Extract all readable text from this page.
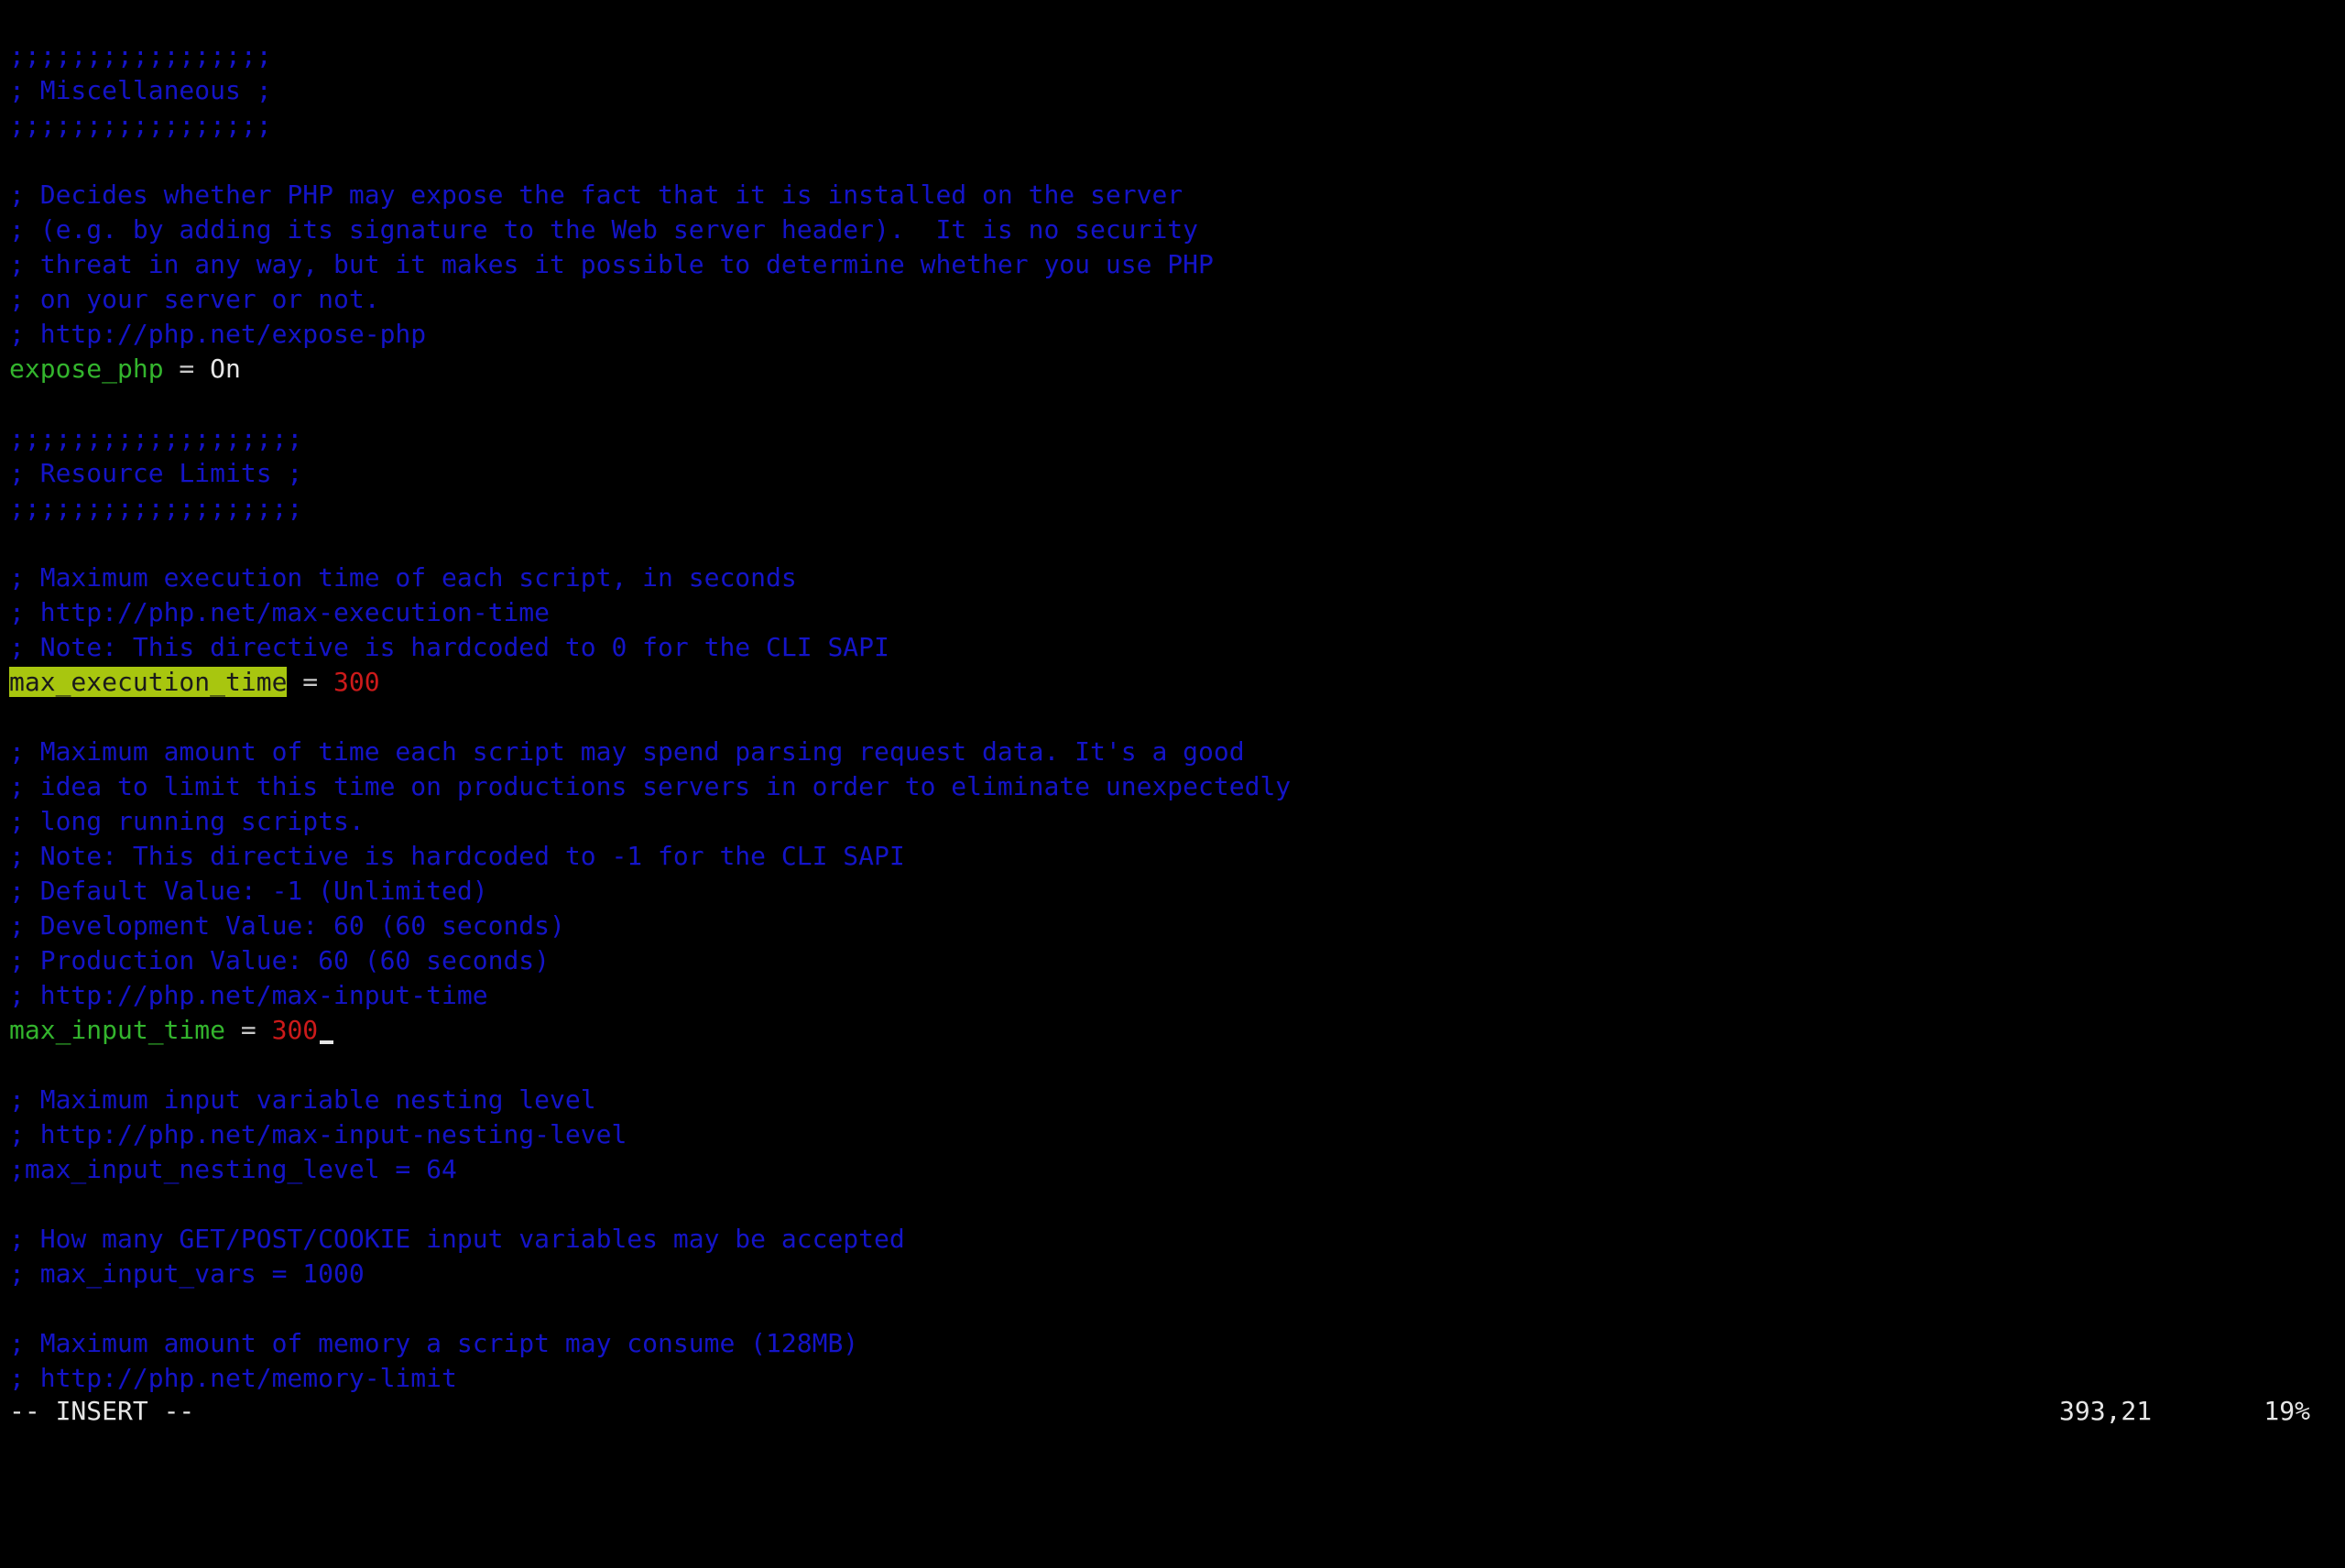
;;;;;;;;;;;;;;;;;
; Miscellaneous ;
;;;;;;;;;;;;;;;;;
; Decides whether PHP may expose the fact that it is installed on the server
; (e.g. by adding its signature to the Web server header).  It is no security
; threat in any way, but it makes it possible to determine whether you use PHP
; on your server or not.
; http://php.net/expose-php
expose_php = On
;;;;;;;;;;;;;;;;;;;
; Resource Limits ;
;;;;;;;;;;;;;;;;;;;
; Maximum execution time of each script, in seconds
; http://php.net/max-execution-time
; Note: This directive is hardcoded to 0 for the CLI SAPI
max_execution_time = 300
; Maximum amount of time each script may spend parsing request data. It's a good
; idea to limit this time on productions servers in order to eliminate unexpectedly
; long running scripts.
; Note: This directive is hardcoded to -1 for the CLI SAPI
; Default Value: -1 (Unlimited)
; Development Value: 60 (60 seconds)
; Production Value: 60 (60 seconds)
; http://php.net/max-input-time
max_input_time = 300
; Maximum input variable nesting level
; http://php.net/max-input-nesting-level
;max_input_nesting_level = 64
; How many GET/POST/COOKIE input variables may be accepted
; max_input_vars = 1000
; Maximum amount of memory a script may consume (128MB)
; http://php.net/memory-limit

-- INSERT --

	393,21

	19%
